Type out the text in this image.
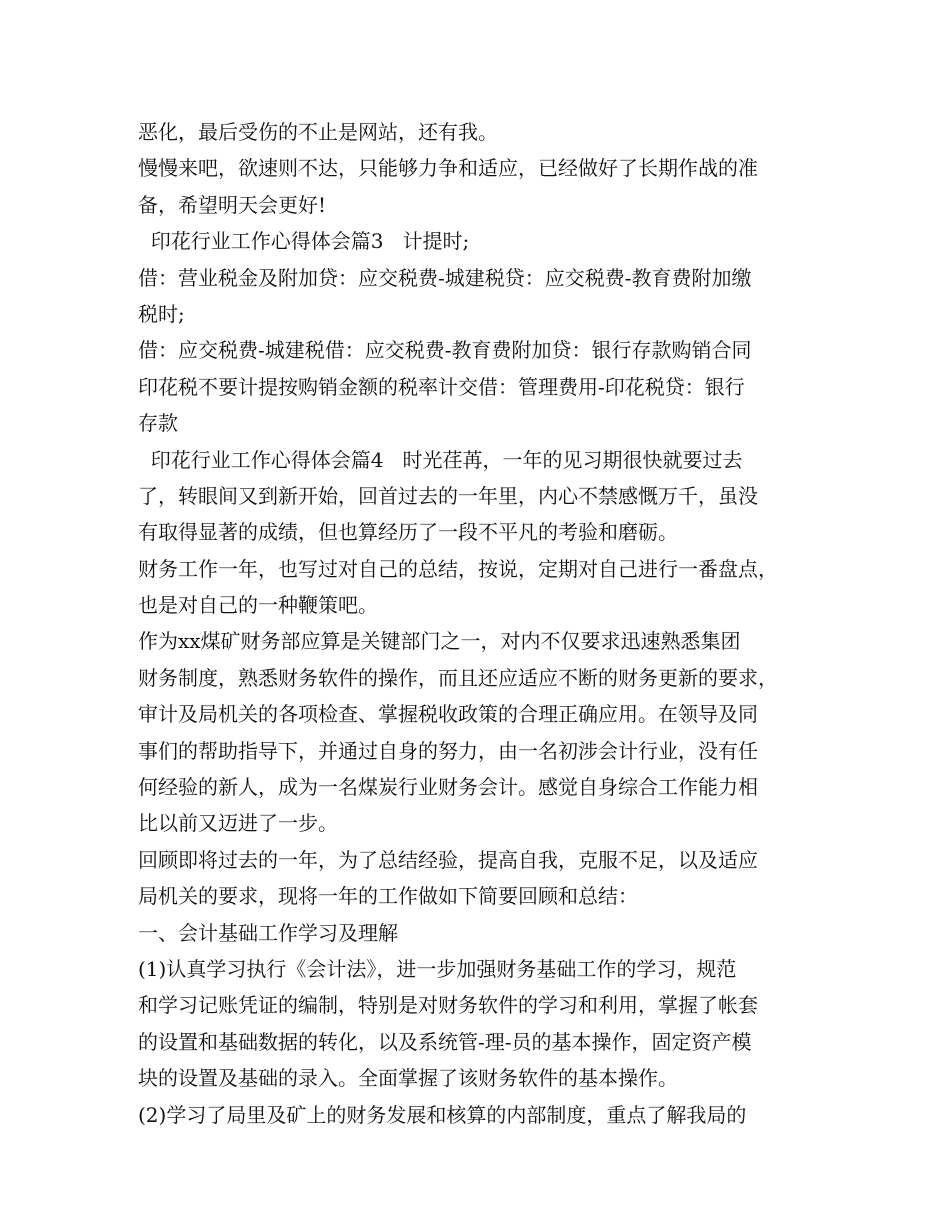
恶化，最后受伤的不止是网站，还有我。
慢慢来吧，欲速则不达，只能够力争和适应，已经做好了长期作战的准
备，希望明天会更好!
印花行业工作心得体会篇3   计提时;
借：营业税金及附加贷：应交税费-城建税贷：应交税费-教育费附加缴
税时;
借：应交税费-城建税借：应交税费-教育费附加贷：银行存款购销合同
印花税不要计提按购销金额的税率计交借：管理费用-印花税贷：银行
存款
印花行业工作心得体会篇4   时光荏苒，一年的见习期很快就要过去
了，转眼间又到新开始，回首过去的一年里，内心不禁感慨万千，虽没
有取得显著的成绩，但也算经历了一段不平凡的考验和磨砺。
财务工作一年，也写过对自己的总结，按说，定期对自己进行一番盘点，
也是对自己的一种鞭策吧。
作为xx煤矿财务部应算是关键部门之一，对内不仅要求迅速熟悉集团
财务制度，熟悉财务软件的操作，而且还应适应不断的财务更新的要求，
审计及局机关的各项检查、掌握税收政策的合理正确应用。在领导及同
事们的帮助指导下，并通过自身的努力，由一名初涉会计行业，没有任
何经验的新人，成为一名煤炭行业财务会计。感觉自身综合工作能力相
比以前又迈进了一步。
回顾即将过去的一年，为了总结经验，提高自我，克服不足，以及适应
局机关的要求，现将一年的工作做如下简要回顾和总结：
一、会计基础工作学习及理解
(1)认真学习执行《会计法》，进一步加强财务基础工作的学习，规范
和学习记账凭证的编制，特别是对财务软件的学习和利用，掌握了帐套
的设置和基础数据的转化，以及系统管-理-员的基本操作，固定资产模
块的设置及基础的录入。全面掌握了该财务软件的基本操作。
(2)学习了局里及矿上的财务发展和核算的内部制度，重点了解我局的
